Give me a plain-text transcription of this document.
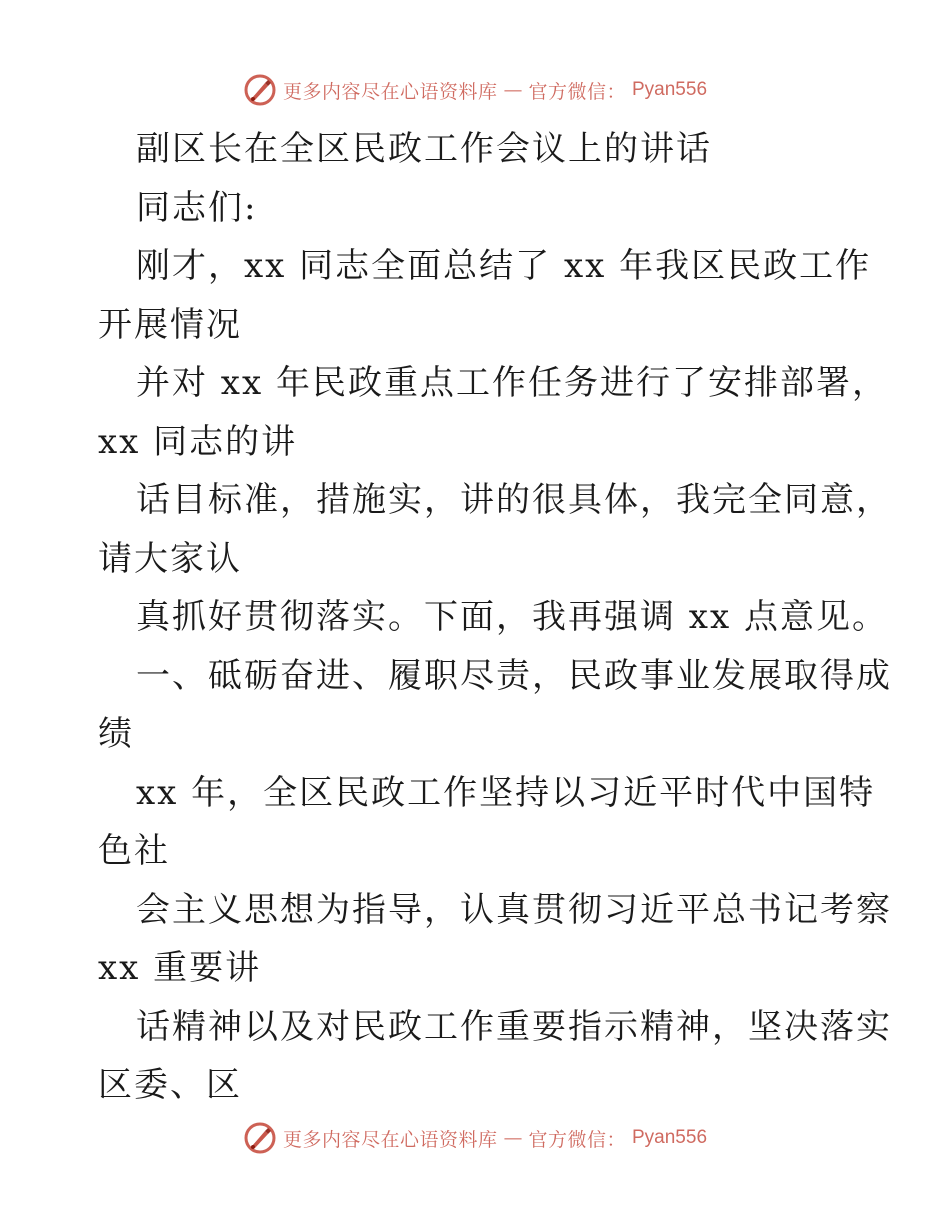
更多内容尽在心语资料库 — 官方微信： Pyan556
副区长在全区民政工作会议上的讲话
同志们:
刚才，xx 同志全面总结了 xx 年我区民政工作
开展情况
并对 xx 年民政重点工作任务进行了安排部署，
xx 同志的讲
话目标准，措施实，讲的很具体，我完全同意，
请大家认
真抓好贯彻落实。下面，我再强调 xx 点意见。
一、砥砺奋进、履职尽责，民政事业发展取得成
绩
xx 年，全区民政工作坚持以习近平时代中国特
色社
会主义思想为指导，认真贯彻习近平总书记考察
xx 重要讲
话精神以及对民政工作重要指示精神，坚决落实
区委、区
更多内容尽在心语资料库 — 官方微信： Pyan556
